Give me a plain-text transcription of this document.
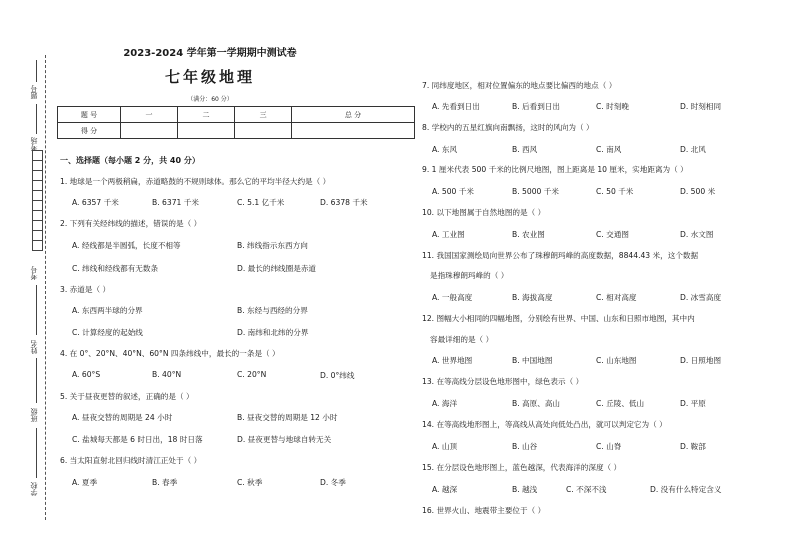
题号
考场
考号
姓名
班级
学校
2023-2024 学年第一学期期中测试卷
七年级地理
（满分：60 分）
题 号	一	二	三	总 分
得 分				
一、选择题（每小题 2 分，共 40 分）
1. 地球是一个两极稍扁，赤道略鼓的不规则球体。那么它的平均半径大约是（ ）
A. 6357 千米	B. 6371 千米	C. 5.1 亿千米	D. 6378 千米
2. 下列有关经纬线的描述，错误的是（ ）
A. 经线都是半圆弧，长度不相等	B. 纬线指示东西方向
C. 纬线和经线都有无数条	D. 最长的纬线圈是赤道
3. 赤道是（ ）
A. 东西两半球的分界	B. 东经与西经的分界
C. 计算经度的起始线	D. 南纬和北纬的分界
4. 在 0°、20°N、40°N、60°N 四条纬线中，最长的一条是（ ）
A. 60°S	B. 40°N	C. 20°N	D. 0°纬线
5. 关于昼夜更替的叙述，正确的是（ ）
A. 昼夜交替的周期是 24 小时	B. 昼夜交替的周期是 12 小时
C. 盐城每天都是 6 时日出，18 时日落	D. 昼夜更替与地球自转无关
6. 当太阳直射北回归线时清江正处于（ ）
A. 夏季	B. 春季	C. 秋季	D. 冬季
7. 同纬度地区，相对位置偏东的地点要比偏西的地点（ ）
A. 先看到日出	B. 后看到日出	C. 时刻晚	D. 时刻相同
8. 学校内的五星红旗向南飘扬，这时的风向为（ ）
A. 东风	B. 西风	C. 南风	D. 北风
9. 1 厘米代表 500 千米的比例尺地图，图上距离是 10 厘米，实地距离为（ ）
A. 500 千米	B. 5000 千米	C. 50 千米	D. 500 米
10. 以下地图属于自然地图的是（ ）
A. 工业图	B. 农业图	C. 交通图	D. 水文图
11. 我国国家测绘局向世界公布了珠穆朗玛峰的高度数据，8844.43 米，这个数据
是指珠穆朗玛峰的（ ）
A. 一般高度	B. 海拔高度	C. 相对高度	D. 冰雪高度
12. 图幅大小相同的四幅地图，分别绘有世界、中国、山东和日照市地图，其中内
容最详细的是（ ）
A. 世界地图	B. 中国地图	C. 山东地图	D. 日照地图
13. 在等高线分层设色地形图中，绿色表示（ ）
A. 海洋	B. 高原、高山	C. 丘陵、低山	D. 平原
14. 在等高线地形图上，等高线从高处向低处凸出，就可以判定它为（ ）
A. 山顶	B. 山谷	C. 山脊	D. 鞍部
15. 在分层设色地形图上，蓝色越深，代表海洋的深度（ ）
A. 越深	B. 越浅	C. 不深不浅	D. 没有什么特定含义
16. 世界火山、地震带主要位于（ ）
